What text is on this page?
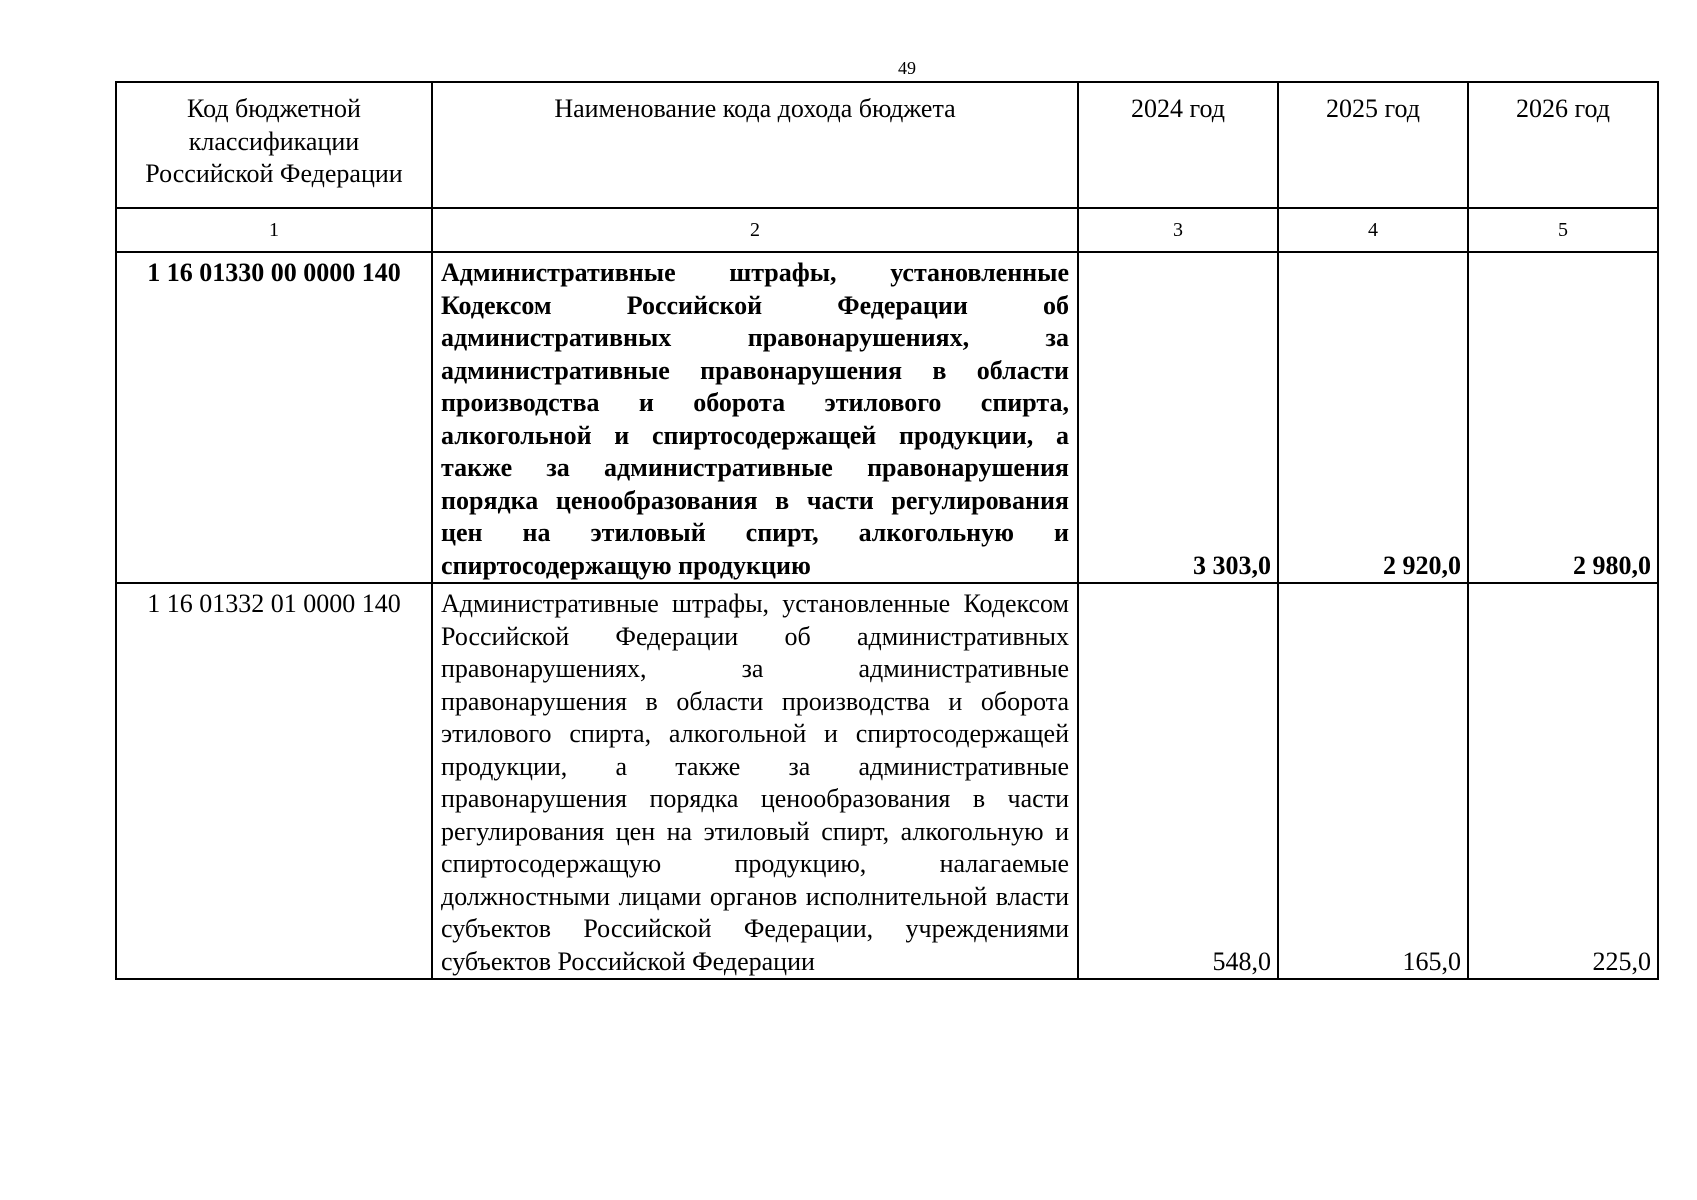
49
Код бюджетной классификации Российской Федерации	Наименование кода дохода бюджета	2024 год	2025 год	2026 год
1	2	3	4	5
1 16 01330 00 0000 140	Административные штрафы, установленные Кодексом Российской Федерации об административных правонарушениях, за административные правонарушения в области производства и оборота этилового спирта, алкогольной и спиртосодержащей продукции, а также за административные правонарушения порядка ценообразования в части регулирования цен на этиловый спирт, алкогольную и спиртосодержащую продукцию	3 303,0	2 920,0	2 980,0
1 16 01332 01 0000 140	Административные штрафы, установленные Кодексом Российской Федерации об административных правонарушениях, за административные правонарушения в области производства и оборота этилового спирта, алкогольной и спиртосодержащей продукции, а также за административные правонарушения порядка ценообразования в части регулирования цен на этиловый спирт, алкогольную и спиртосодержащую продукцию, налагаемые должностными лицами органов исполнительной власти субъектов Российской Федерации, учреждениями субъектов Российской Федерации	548,0	165,0	225,0
